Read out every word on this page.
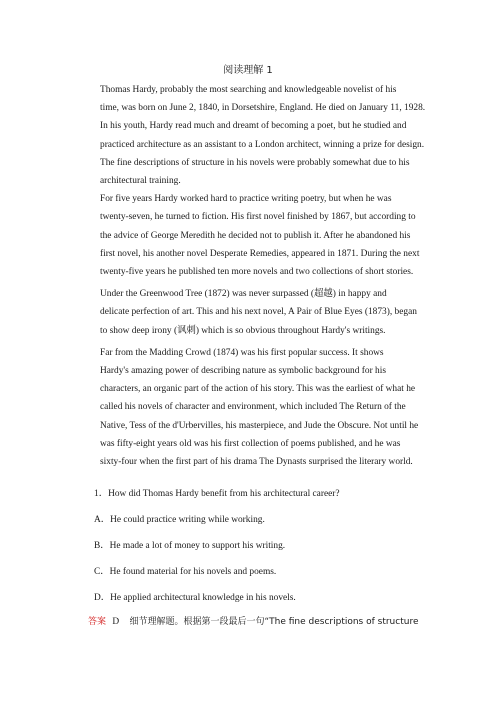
阅读理解 1

Thomas Hardy, probably the most searching and knowledgeable novelist of his
time, was born on June 2, 1840, in Dorsetshire, England. He died on January 11, 1928.
In his youth, Hardy read much and dreamt of becoming a poet, but he studied and
practiced architecture as an assistant to a London architect, winning a prize for design.
The fine descriptions of structure in his novels were probably somewhat due to his
architectural training.

For five years Hardy worked hard to practice writing poetry, but when he was
twenty-seven, he turned to fiction. His first novel finished by 1867, but according to
the advice of George Meredith he decided not to publish it. After he abandoned his
first novel, his another novel Desperate Remedies, appeared in 1871. During the next
twenty-five years he published ten more novels and two collections of short stories.

Under the Greenwood Tree (1872) was never surpassed (超越) in happy and
delicate perfection of art. This and his next novel, A Pair of Blue Eyes (1873), began
to show deep irony (讽刺) which is so obvious throughout Hardy's writings.

Far from the Madding Crowd (1874) was his first popular success. It shows
Hardy's amazing power of describing nature as symbolic background for his
characters, an organic part of the action of his story. This was the earliest of what he
called his novels of character and environment, which included The Return of the
Native, Tess of the d'Urbervilles, his masterpiece, and Jude the Obscure. Not until he
was fifty-eight years old was his first collection of poems published, and he was
sixty-four when the first part of his drama The Dynasts surprised the literary world.

1．How did Thomas Hardy benefit from his architectural career?
A．He could practice writing while working.
B．He made a lot of money to support his writing.
C．He found material for his novels and poems.
D．He applied architectural knowledge in his novels.
答案 D 细节理解题。根据第一段最后一句“The fine descriptions of structure
